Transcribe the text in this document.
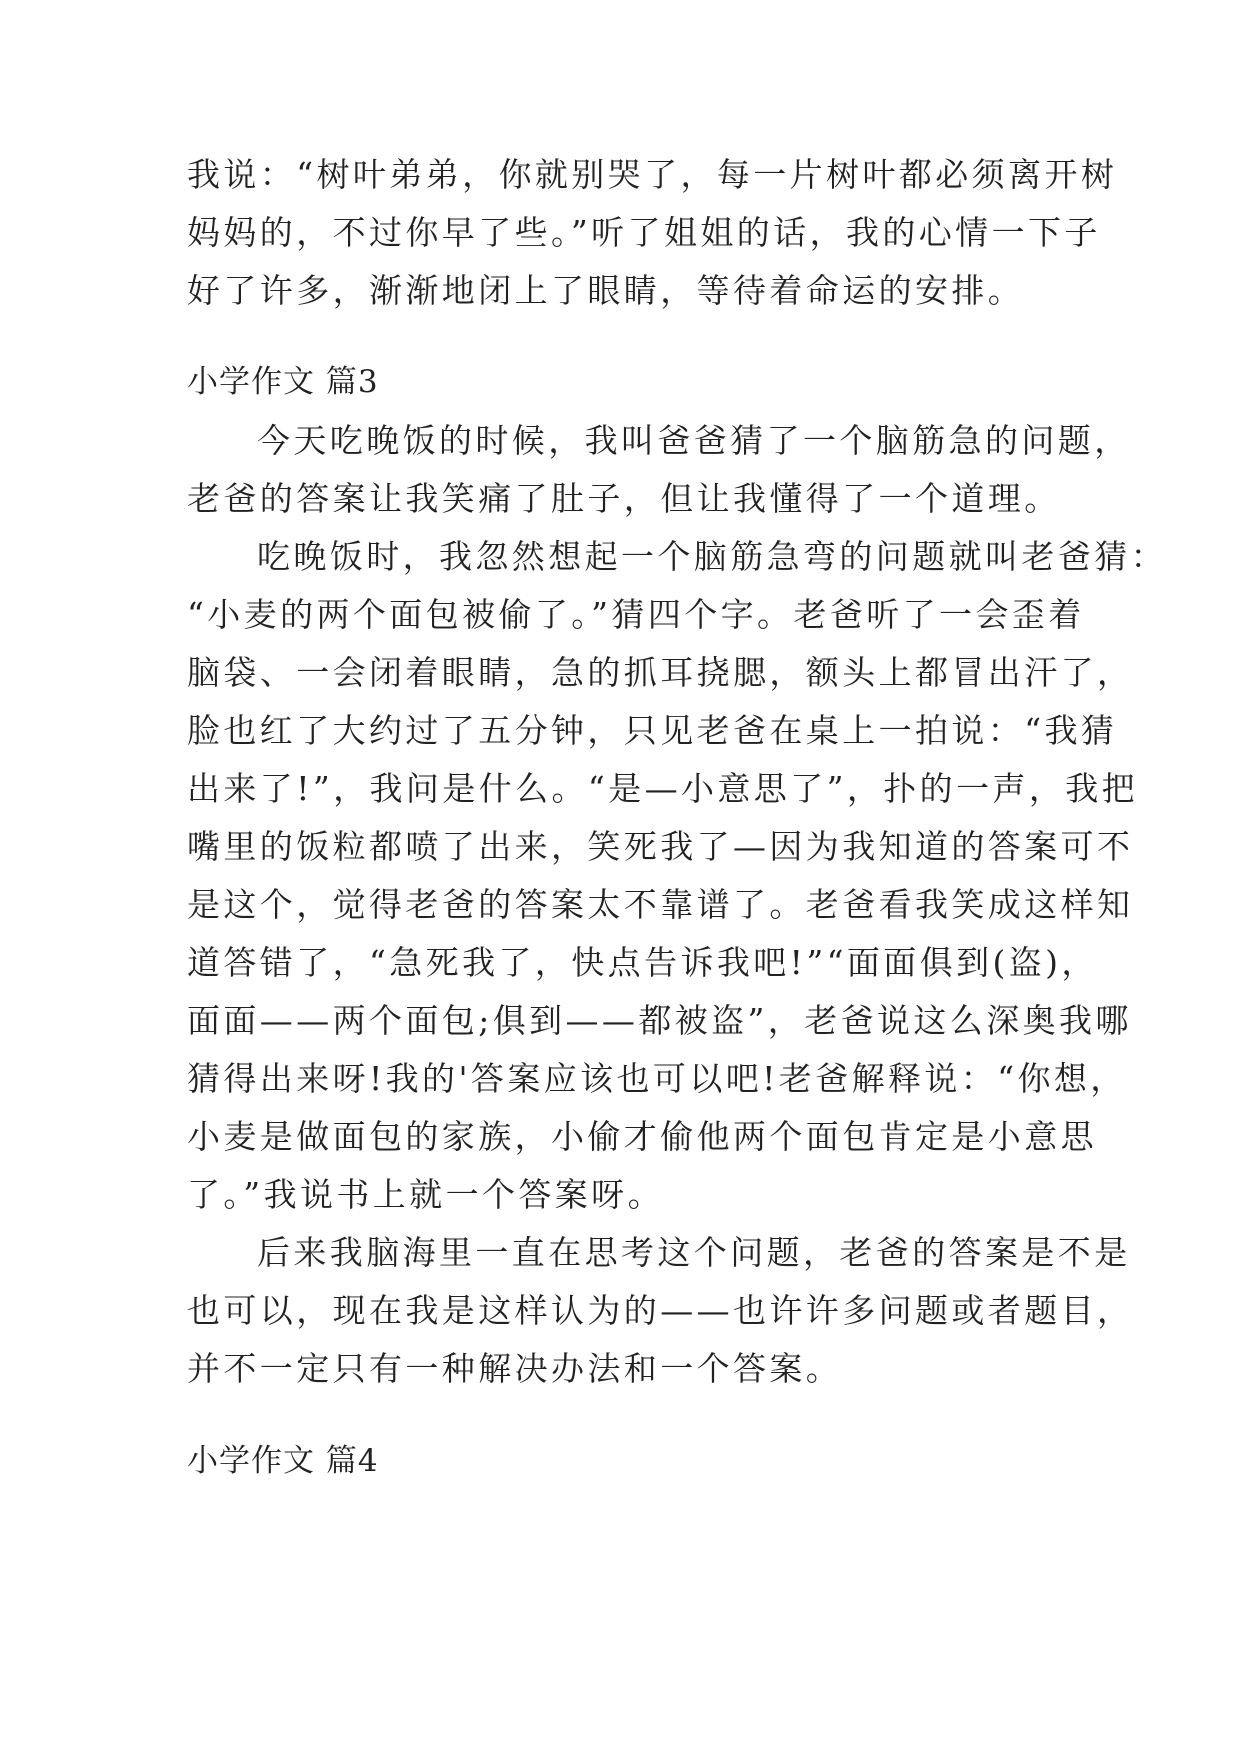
我说：“树叶弟弟，你就别哭了，每一片树叶都必须离开树
妈妈的，不过你早了些。”听了姐姐的话，我的心情一下子
好了许多，渐渐地闭上了眼睛，等待着命运的安排。
小学作文 篇3
今天吃晚饭的时候，我叫爸爸猜了一个脑筋急的问题，
老爸的答案让我笑痛了肚子，但让我懂得了一个道理。
吃晚饭时，我忽然想起一个脑筋急弯的问题就叫老爸猜：
“小麦的两个面包被偷了。”猜四个字。老爸听了一会歪着
脑袋、一会闭着眼睛，急的抓耳挠腮，额头上都冒出汗了，
脸也红了大约过了五分钟，只见老爸在桌上一拍说：“我猜
出来了!”，我问是什么。“是—小意思了”，扑的一声，我把
嘴里的饭粒都喷了出来，笑死我了—因为我知道的答案可不
是这个，觉得老爸的答案太不靠谱了。老爸看我笑成这样知
道答错了，“急死我了，快点告诉我吧!”“面面俱到(盗)，
面面——两个面包;俱到——都被盗”，老爸说这么深奥我哪
猜得出来呀!我的'答案应该也可以吧!老爸解释说：“你想，
小麦是做面包的家族，小偷才偷他两个面包肯定是小意思
了。”我说书上就一个答案呀。
后来我脑海里一直在思考这个问题，老爸的答案是不是
也可以，现在我是这样认为的——也许许多问题或者题目，
并不一定只有一种解决办法和一个答案。
小学作文 篇4
